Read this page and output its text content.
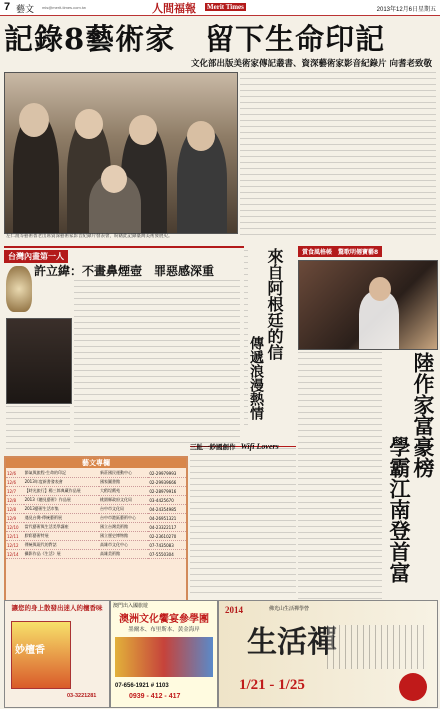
7 藝文 mis@merit-times.com.tw	人間福報 Merit Times	2013年12月6日 星期五
記錄8藝術家　留下生命印記
文化部出版美術家傳記叢書、資深藝術家影音紀錄片 向耆老致敬
左仁渡等藝術耆老出席資深藝術家影音紀錄片發表會，盼藉此記錄臺灣美術發展史。
台灣內畫第一人
許立緯：不畫鼻煙壺　罪惡感深重	來自阿根廷的信
傳遞浪漫熱情
賞食風格帳　驚歌明僊寶藝8
陸作家富豪榜
學霸江南登首富
三趾一鈔國創作 Wifi Lovers
藝文專欄
12/6	節氣與旅程-生命的印記	新莊國民運動中心	02-29979993
12/6	2013年度新書發表會	國家圖書館	02-29939666
12/7	【時光旅行】楊三郎典藏作品展	大稻埕戲苑	02-28979916
12/8	2013《聽見藝術》作品展	桃園縣政府文化局	03-4425670
12/8	2013藝術生活市集	台中市文化局	04-24354985
12/9	遇見台灣-傳統藝術展	台中市港區藝術中心	04-26951321
12/10	當代藝術與生活美學講座	國立台灣美術館	04-23322117
12/11	膠彩藝術特展	國立歷史博物館	02-23610270
12/12	傳統與現代的對話	高雄市文化中心	07-7435083
12/14	攝影作品《生活》展	高雄美術館	07-5550304
讓您的身上散發出迷人的檀香味
妙檀香
03-3221281
澳門出入國旅遊
澳洲文化饗宴參學團
墨爾本、布里斯本、黃金海岸
07-656-1921 # 1103
0939 - 412 - 417
2014	佛光山生活禪學營
生活禪
1/21 - 1/25
